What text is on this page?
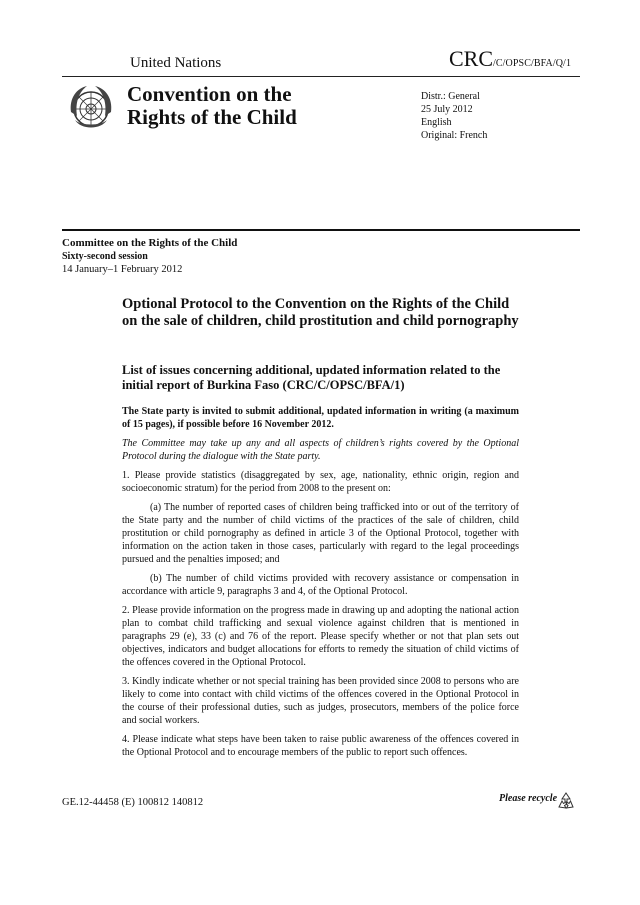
United Nations	CRC/C/OPSC/BFA/Q/1
Convention on the
Rights of the Child
Distr.: General
25 July 2012
English
Original: French
Committee on the Rights of the Child
Sixty-second session
14 January–1 February 2012
Optional Protocol to the Convention on the Rights of the Child on the sale of children, child prostitution and child pornography
List of issues concerning additional, updated information related to the initial report of Burkina Faso (CRC/C/OPSC/BFA/1)

The State party is invited to submit additional, updated information in writing (a maximum of 15 pages), if possible before 16 November 2012.

The Committee may take up any and all aspects of children’s rights covered by the Optional Protocol during the dialogue with the State party.

1. Please provide statistics (disaggregated by sex, age, nationality, ethnic origin, region and socioeconomic stratum) for the period from 2008 to the present on:

(a) The number of reported cases of children being trafficked into or out of the territory of the State party and the number of child victims of the practices of the sale of children, child prostitution or child pornography as defined in article 3 of the Optional Protocol, together with information on the action taken in those cases, particularly with regard to the legal proceedings pursued and the penalties imposed; and

(b) The number of child victims provided with recovery assistance or compensation in accordance with article 9, paragraphs 3 and 4, of the Optional Protocol.

2. Please provide information on the progress made in drawing up and adopting the national action plan to combat child trafficking and sexual violence against children that is mentioned in paragraphs 29 (e), 33 (c) and 76 of the report. Please specify whether or not that plan sets out objectives, indicators and budget allocations for efforts to remedy the situation of child victims of the offences covered in the Optional Protocol.

3. Kindly indicate whether or not special training has been provided since 2008 to persons who are likely to come into contact with child victims of the offences covered in the Optional Protocol in the course of their professional duties, such as judges, prosecutors, members of the police force and social workers.

4. Please indicate what steps have been taken to raise public awareness of the offences covered in the Optional Protocol and to encourage members of the public to report such offences.

GE.12-44458 (E) 100812 140812	Please recycle
